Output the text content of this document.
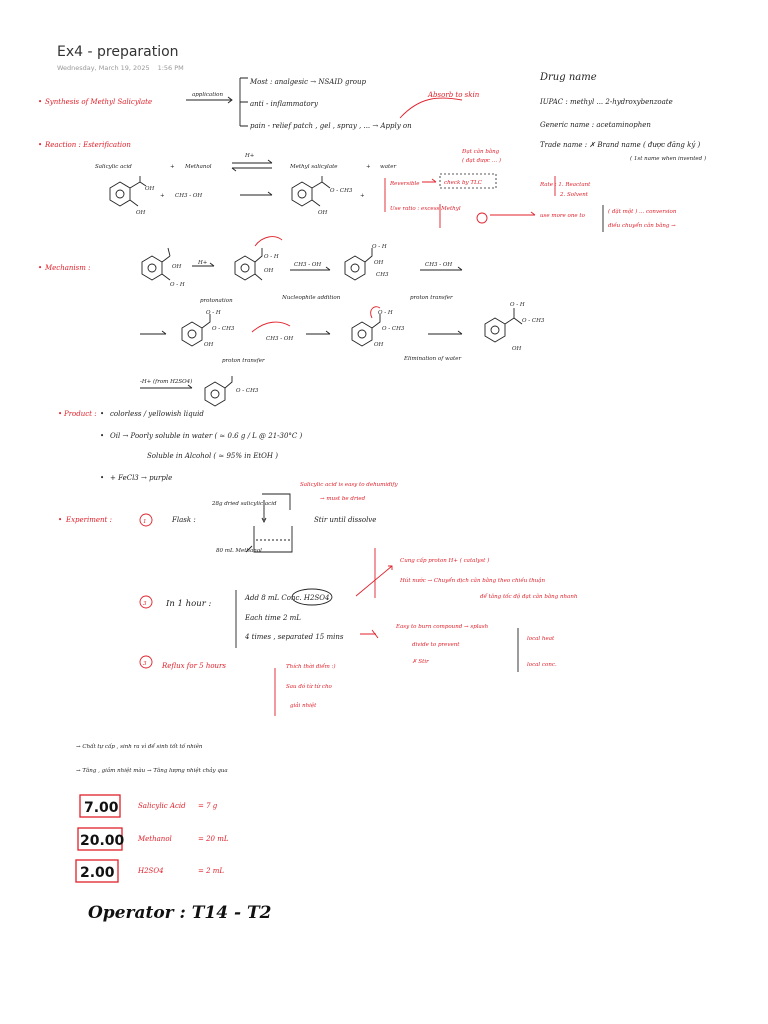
Ex4 - preparation
Wednesday, March 19, 2025 1:56 PM
• Synthesis of Methyl Salicylate
application
Most : analgesic → NSAID group
anti - inflammatory
pain - relief patch , gel , spray , ... → Apply on
Absorb to skin
Drug name
IUPAC : methyl ... 2-hydroxybenzoate
Generic name : acetaminophen
Trade name : ✗ Brand name ( được đăng ký )
( 1st name when invented )
• Reaction : Esterification
Salicylic acid	+ Methanol
H+
Methyl salicylate	+ water
OH
OH
+ CH3 - OH
O - CH3
OH
+
Reversible	check by TLC
Đạt cân bằng
( đạt được ... )
Use ratio : excess Methyl
use more one to
Rate : 1. Reactant
2. Solvent
( đặt một ) ... conversion
điều chuyển cân bằng →
• Mechanism :	OH
O - H
H+
O - H
OH
CH3 - OH
O - H
OH
CH3
CH3 - OH
protonation	Nucleophile addition	proton transfer
O - H
O - CH3
OH
CH3 - OH
proton transfer
O - H
O - CH3
OH
Elimination of water
O - H
O - CH3
OH
-H+ (from H2SO4)
O - CH3
• Product : • colorless / yellowish liquid
• Oil → Poorly soluble in water ( ≃ 0.6 g / L @ 21-30°C )
Soluble in Alcohol ( ≃ 95% in EtOH )
• + FeCl3 → purple
• Experiment :	1	Flask :
28g dried salicylic acid
80 mL Methanol
Stir until dissolve
Salicylic acid is easy to dehumidify
→ must be dried
3 In 1 hour :
Add 8 mL Conc. H2SO4
Each time 2 mL
4 times , separated 15 mins
Cung cấp proton H+ ( catalyst )
Hút nước → Chuyển dịch cân bằng theo chiều thuận
để tăng tốc độ đạt cân bằng nhanh
Easy to burn compound → splash
divide to prevent
✗ Stir
local heat
local conc.
3 Reflux for 5 hours	Thích thời điểm :)
Sau đó từ từ cho
giải nhiệt
→ Chất tự cấp , sinh ra vì để sinh tốt tố nhiên
→ Tăng , giảm nhiệt màu → Tăng lượng nhiệt chảy qua
7.00	Salicylic Acid = 7 g
20.00 Methanol	= 20 mL
2.00	H2SO4	= 2 mL
Operator : T14 - T2
